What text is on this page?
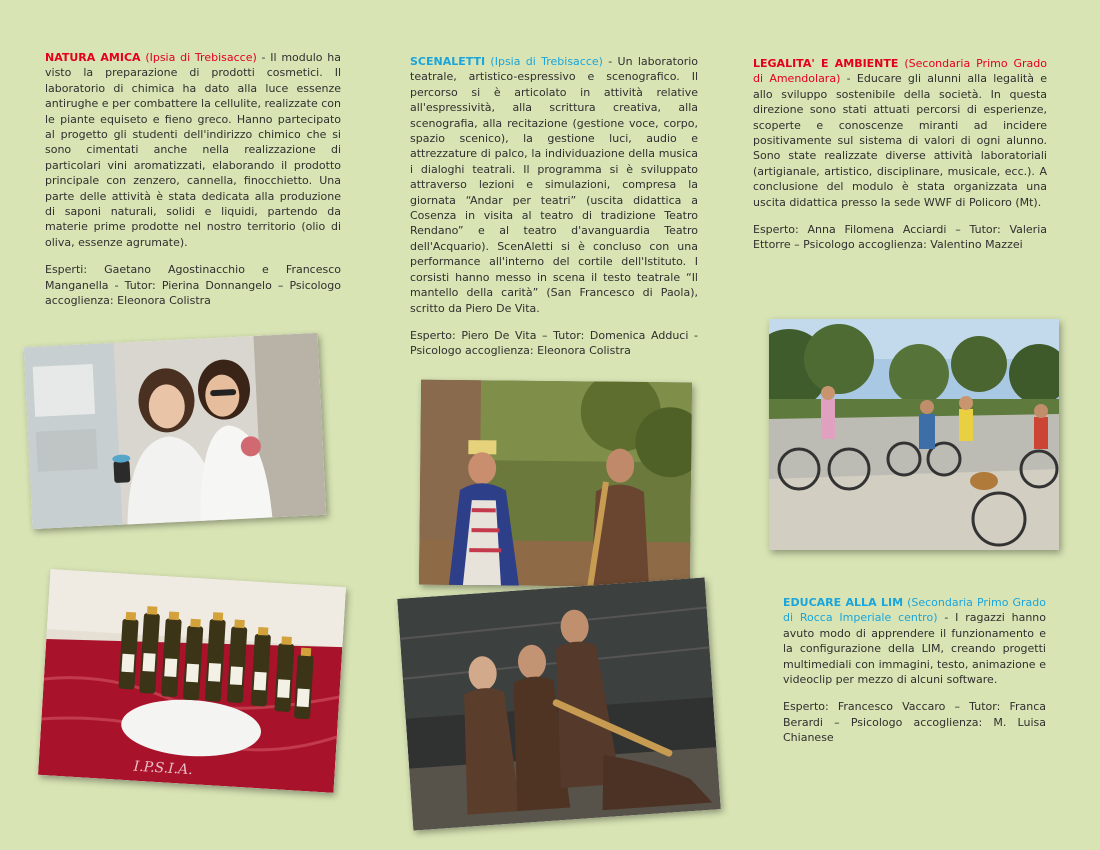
NATURA AMICA (Ipsia di Trebisacce) - Il modulo ha visto la preparazione di prodotti cosmetici. Il laboratorio di chimica ha dato alla luce essenze antirughe e per combattere la cellulite, realizzate con le piante equiseto e fieno greco. Hanno partecipato al progetto gli studenti dell'indirizzo chimico che si sono cimentati anche nella realizzazione di particolari vini aromatizzati, elaborando il prodotto principale con zenzero, cannella, finocchietto. Una parte delle attività è stata dedicata alla produzione di saponi naturali, solidi e liquidi, partendo da materie prime prodotte nel nostro territorio (olio di oliva, essenze agrumate).

Esperti: Gaetano Agostinacchio e Francesco Manganella - Tutor: Pierina Donnangelo – Psicologo accoglienza: Eleonora Colistra

SCENALETTI (Ipsia di Trebisacce) - Un laboratorio teatrale, artistico-espressivo e scenografico. Il percorso si è articolato in attività relative all'espressività, alla scrittura creativa, alla scenografia, alla recitazione (gestione voce, corpo, spazio scenico), la gestione luci, audio e attrezzature di palco, la individuazione della musica i dialoghi teatrali. Il programma si è sviluppato attraverso lezioni e simulazioni, compresa la giornata “Andar per teatri” (uscita didattica a Cosenza in visita al teatro di tradizione Teatro Rendano” e al teatro d'avanguardia Teatro dell'Acquario). ScenAletti si è concluso con una performance all'interno del cortile dell'Istituto. I corsisti hanno messo in scena il testo teatrale “Il mantello della carità” (San Francesco di Paola), scritto da Piero De Vita.

Esperto: Piero De Vita – Tutor: Domenica Adduci - Psicologo accoglienza: Eleonora Colistra

LEGALITA' E AMBIENTE (Secondaria Primo Grado di Amendolara) - Educare gli alunni alla legalità e allo sviluppo sostenibile della società. In questa direzione sono stati attuati percorsi di esperienze, scoperte e conoscenze miranti ad incidere positivamente sul sistema di valori di ogni alunno. Sono state realizzate diverse attività laboratoriali (artigianale, artistico, disciplinare, musicale, ecc.). A conclusione del modulo è stata organizzata una uscita didattica presso la sede WWF di Policoro (Mt).

Esperto: Anna Filomena Acciardi – Tutor: Valeria Ettorre – Psicologo accoglienza: Valentino Mazzei

EDUCARE ALLA LIM (Secondaria Primo Grado di Rocca Imperiale centro) - I ragazzi hanno avuto modo di apprendere il funzionamento e la configurazione della LIM, creando progetti multimediali con immagini, testo, animazione e videoclip per mezzo di alcuni software.

Esperto: Francesco Vaccaro – Tutor: Franca Berardi – Psicologo accoglienza: M. Luisa Chianese

I.P.S.I.A.
